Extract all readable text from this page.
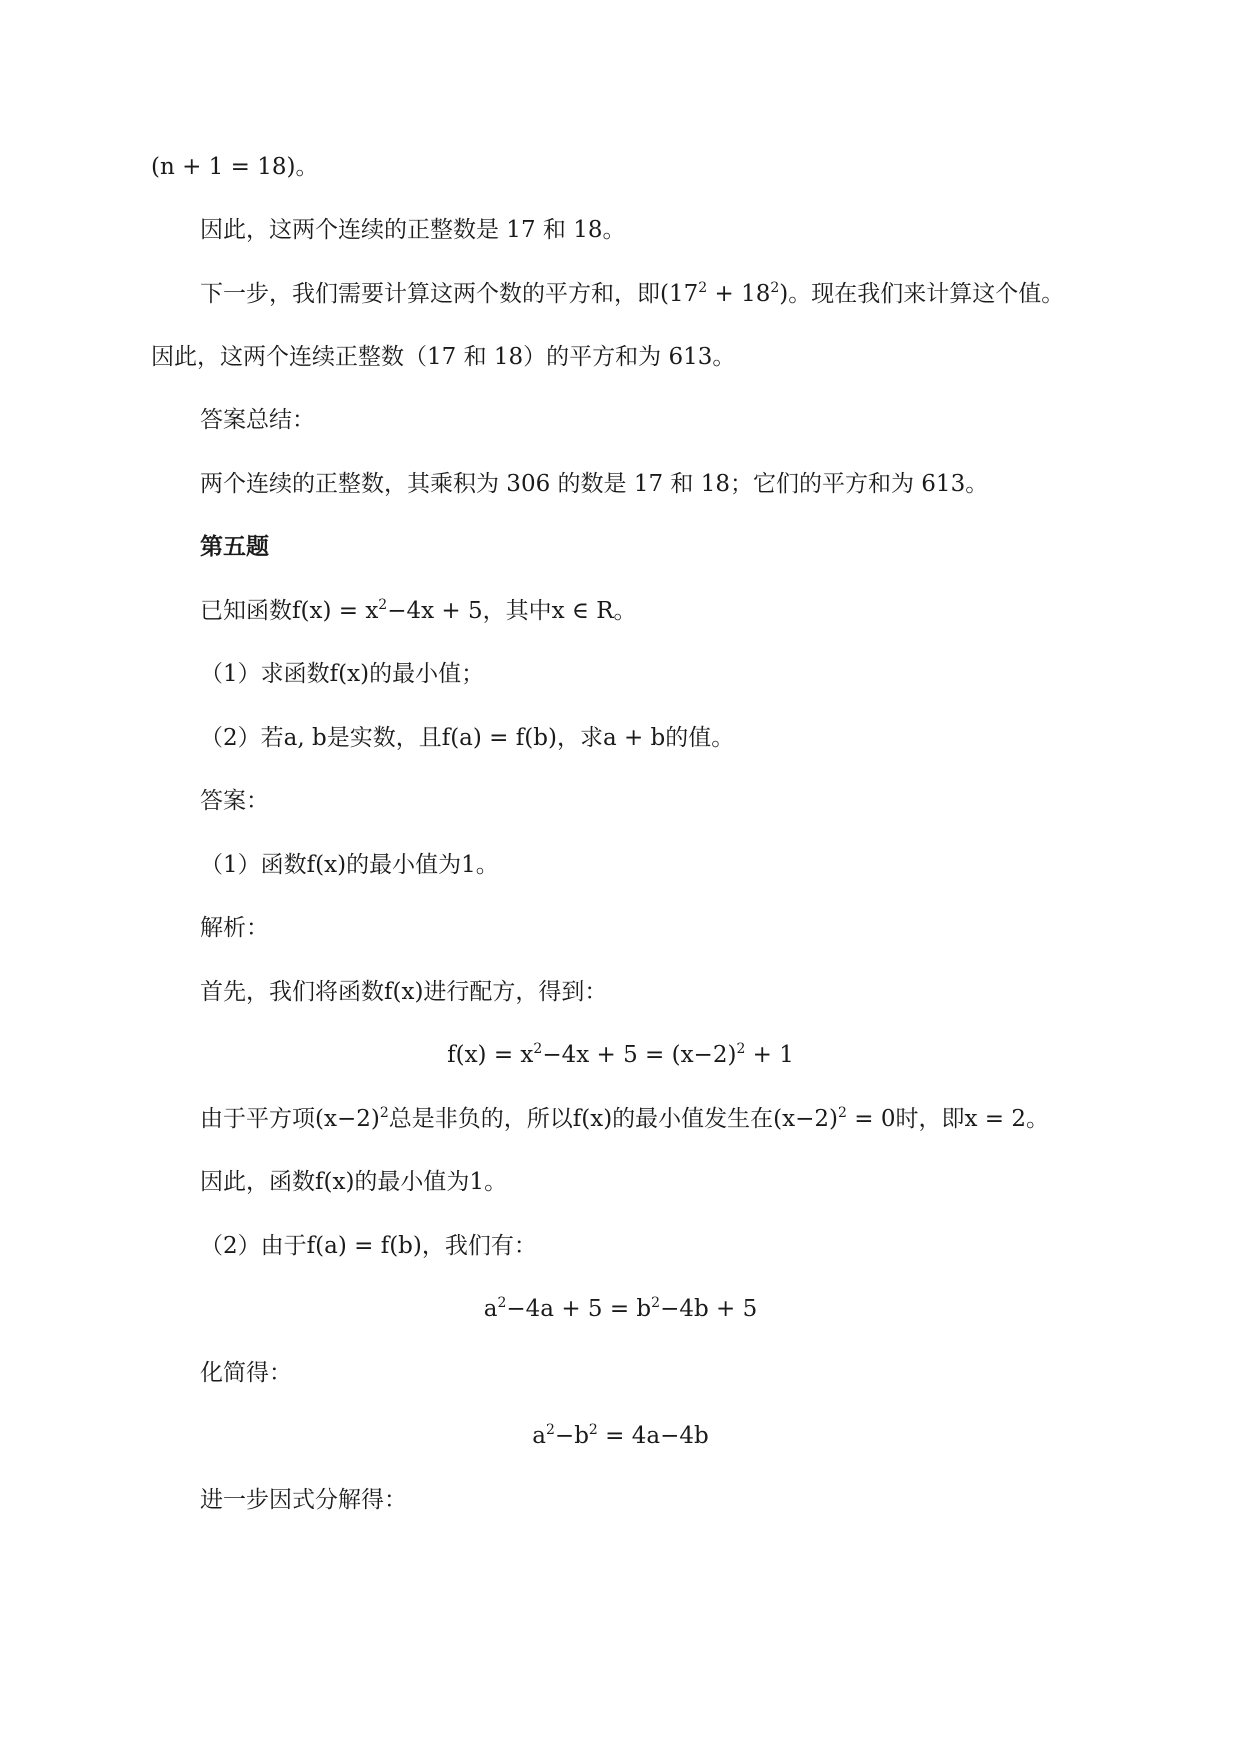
(n + 1 = 18)。
因此，这两个连续的正整数是 17 和 18。
下一步，我们需要计算这两个数的平方和，即$(17^2 + 18^2)$。现在我们来计算这个值。
因此，这两个连续正整数（17 和 18）的平方和为 613。
答案总结：
两个连续的正整数，其乘积为 306 的数是 17 和 18；它们的平方和为 613。
第五题
已知函数$f(x) = x^2-4x + 5$，其中x ∈ R。
（1）求函数f(x)的最小值；
（2）若a, b是实数，且f(a) = f(b)，求a + b的值。
答案：
（1）函数f(x)的最小值为1。
解析：
首先，我们将函数f(x)进行配方，得到：
$f(x) = x^2-4x + 5 = (x-2)^2 + 1$
由于平方项$(x-2)^2$总是非负的，所以f(x)的最小值发生在$(x-2)^2 = 0$时，即x = 2。
因此，函数f(x)的最小值为1。
（2）由于f(a) = f(b)，我们有：
$a^2-4a + 5 = b^2-4b + 5$
化简得：
$a^2-b^2 = 4a-4b$
进一步因式分解得：
